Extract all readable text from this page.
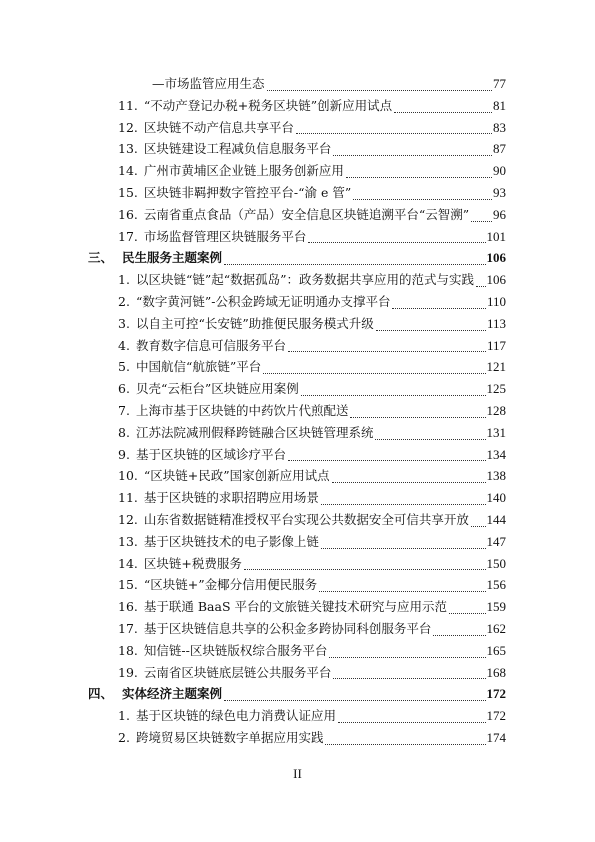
—市场监管应用生态	77
11. “不动产登记办税+税务区块链”创新应用试点	81
12. 区块链不动产信息共享平台	83
13. 区块链建设工程减负信息服务平台	87
14. 广州市黄埔区企业链上服务创新应用	90
15. 区块链非羁押数字管控平台-“渝 e 管”	93
16. 云南省重点食品（产品）安全信息区块链追溯平台“云智溯” 96
17. 市场监督管理区块链服务平台	101
三、 民生服务主题案例	106
1. 以区块链“链”起“数据孤岛”：政务数据共享应用的范式与实践 106
2. “数字黄河链”-公积金跨域无证明通办支撑平台	110
3. 以自主可控“长安链”助推便民服务模式升级	113
4. 教育数字信息可信服务平台	117
5. 中国航信“航旅链”平台	121
6. 贝壳“云柜台”区块链应用案例	125
7. 上海市基于区块链的中药饮片代煎配送	128
8. 江苏法院减刑假释跨链融合区块链管理系统	131
9. 基于区块链的区域诊疗平台	134
10. “区块链+民政”国家创新应用试点	138
11. 基于区块链的求职招聘应用场景	140
12. 山东省数据链精准授权平台实现公共数据安全可信共享开放 144
13. 基于区块链技术的电子影像上链	147
14. 区块链+税费服务	150
15. “区块链+”金椰分信用便民服务	156
16. 基于联通 BaaS 平台的文旅链关键技术研究与应用示范	159
17. 基于区块链信息共享的公积金多跨协同科创服务平台	162
18. 知信链--区块链版权综合服务平台	165
19. 云南省区块链底层链公共服务平台	168
四、 实体经济主题案例	172
1. 基于区块链的绿色电力消费认证应用	172
2. 跨境贸易区块链数字单据应用实践	174
II
